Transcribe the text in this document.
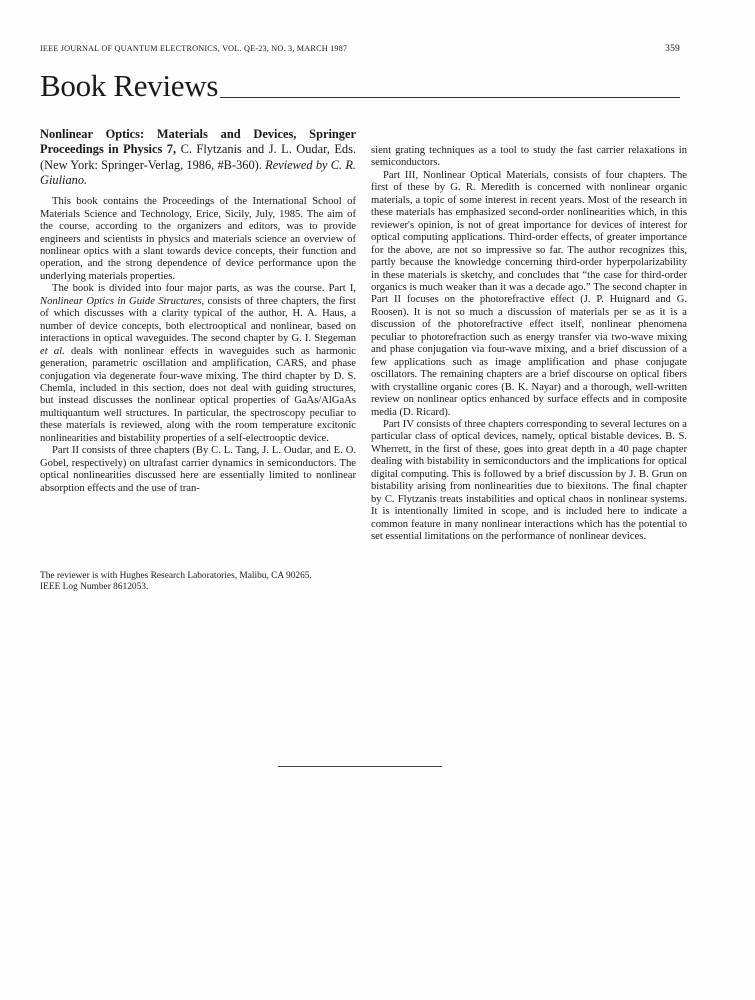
IEEE JOURNAL OF QUANTUM ELECTRONICS, VOL. QE-23, NO. 3, MARCH 1987	359
Book Reviews

Nonlinear Optics: Materials and Devices, Springer Proceedings in Physics 7, C. Flytzanis and J. L. Oudar, Eds. (New York: Springer-Verlag, 1986, #B-360). Reviewed by C. R. Giuliano.

This book contains the Proceedings of the International School of Materials Science and Technology, Erice, Sicily, July, 1985. The aim of the course, according to the organizers and editors, was to provide engineers and scientists in physics and materials science an overview of nonlinear optics with a slant towards device concepts, their function and operation, and the strong dependence of device performance upon the underlying materials properties.

The book is divided into four major parts, as was the course. Part I, Nonlinear Optics in Guide Structures, consists of three chapters, the first of which discusses with a clarity typical of the author, H. A. Haus, a number of device concepts, both electrooptical and nonlinear, based on interactions in optical waveguides. The second chapter by G. I. Stegeman et al. deals with nonlinear effects in waveguides such as harmonic generation, parametric oscillation and amplification, CARS, and phase conjugation via degenerate four-wave mixing. The third chapter by D. S. Chemla, included in this section, does not deal with guiding structures, but instead discusses the nonlinear optical properties of GaAs/AlGaAs multiquantum well structures. In particular, the spectroscopy peculiar to these materials is reviewed, along with the room temperature excitonic nonlinearities and bistability properties of a self-electrooptic device.

Part II consists of three chapters (By C. L. Tang, J. L. Oudar, and E. O. Gobel, respectively) on ultrafast carrier dynamics in semiconductors. The optical nonlinearities discussed here are essentially limited to nonlinear absorption effects and the use of tran-

The reviewer is with Hughes Research Laboratories, Malibu, CA 90265.
IEEE Log Number 8612053.

sient grating techniques as a tool to study the fast carrier relaxations in semiconductors.

Part III, Nonlinear Optical Materials, consists of four chapters. The first of these by G. R. Meredith is concerned with nonlinear organic materials, a topic of some interest in recent years. Most of the research in these materials has emphasized second-order nonlinearities which, in this reviewer's opinion, is not of great importance for devices of interest for optical computing applications. Third-order effects, of greater importance for the above, are not so impressive so far. The author recognizes this, partly because the knowledge concerning third-order hyperpolarizability in these materials is sketchy, and concludes that “the case for third-order organics is much weaker than it was a decade ago.” The second chapter in Part II focuses on the photorefractive effect (J. P. Huignard and G. Roosen). It is not so much a discussion of materials per se as it is a discussion of the photorefractive effect itself, nonlinear phenomena peculiar to photorefraction such as energy transfer via two-wave mixing and phase conjugation via four-wave mixing, and a brief discussion of a few applications such as image amplification and phase conjugate oscillators. The remaining chapters are a brief discourse on optical fibers with crystalline organic cores (B. K. Nayar) and a thorough, well-written review on nonlinear optics enhanced by surface effects and in composite media (D. Ricard).

Part IV consists of three chapters corresponding to several lectures on a particular class of optical devices, namely, optical bistable devices. B. S. Wherrett, in the first of these, goes into great depth in a 40 page chapter dealing with bistability in semiconductors and the implications for optical digital computing. This is followed by a brief discussion by J. B. Grun on bistability arising from nonlinearities due to biexitons. The final chapter by C. Flytzanis treats instabilities and optical chaos in nonlinear systems. It is intentionally limited in scope, and is included here to indicate a common feature in many nonlinear interactions which has the potential to set essential limitations on the performance of nonlinear devices.
